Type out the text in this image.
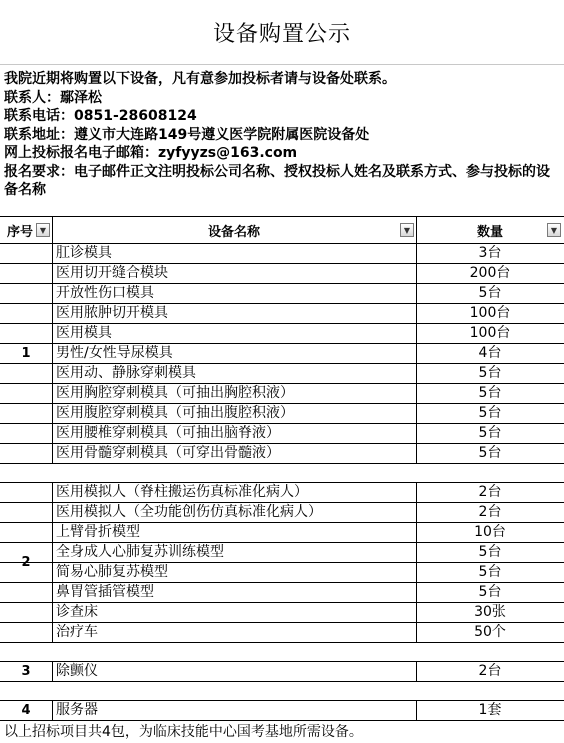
设备购置公示
我院近期将购置以下设备，凡有意参加投标者请与设备处联系。
联系人：鄢泽松
联系电话：0851-28608124
联系地址：遵义市大连路149号遵义医学院附属医院设备处
网上投标报名电子邮箱：zyfyyzs@163.com
报名要求：电子邮件正文注明投标公司名称、授权投标人姓名及联系方式、参与投标的设备名称
序号 ▼	设备名称	▼	数量	▼
1
肛诊模具	3台
医用切开缝合模块	200台
开放性伤口模具	5台
医用脓肿切开模具	100台
医用模具	100台
男性/女性导尿模具	4台
医用动、静脉穿刺模具	5台
医用胸腔穿刺模具（可抽出胸腔积液）	5台
医用腹腔穿刺模具（可抽出腹腔积液）	5台
医用腰椎穿刺模具（可抽出脑脊液）	5台
医用骨髓穿刺模具（可穿出骨髓液）	5台
2
医用模拟人（脊柱搬运伤真标准化病人）	2台
医用模拟人（全功能创伤仿真标准化病人）	2台
上臂骨折模型	10台
全身成人心肺复苏训练模型	5台
简易心肺复苏模型	5台
鼻胃管插管模型	5台
诊查床	30张
治疗车	50个
3	除颤仪	2台
4	服务器	1套
以上招标项目共4包，为临床技能中心国考基地所需设备。
